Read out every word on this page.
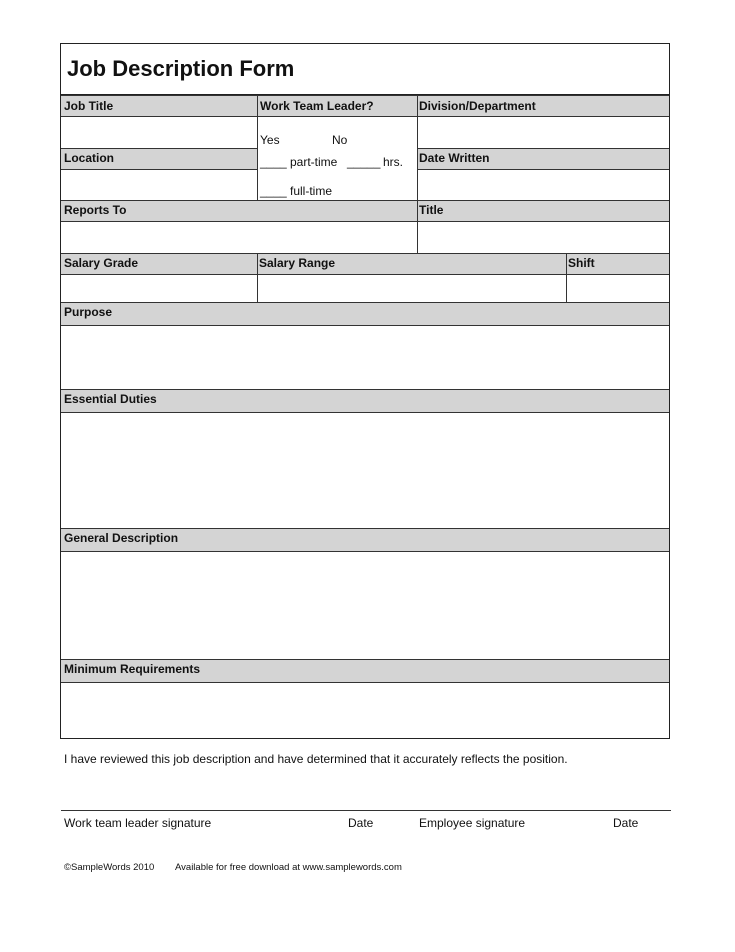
Job Description Form
Job Title	Work Team Leader?	Division/Department
Yes	No
Location	Date Written
____ part-time _____ hrs.
____ full-time
Reports To	Title
Salary Grade	Salary Range	Shift
Purpose
Essential Duties
General Description
Minimum Requirements
I have reviewed this job description and have determined that it accurately reflects the position.
Work team leader signature	Date	Employee signature	Date
©SampleWords 2010 Available for free download at www.samplewords.com
